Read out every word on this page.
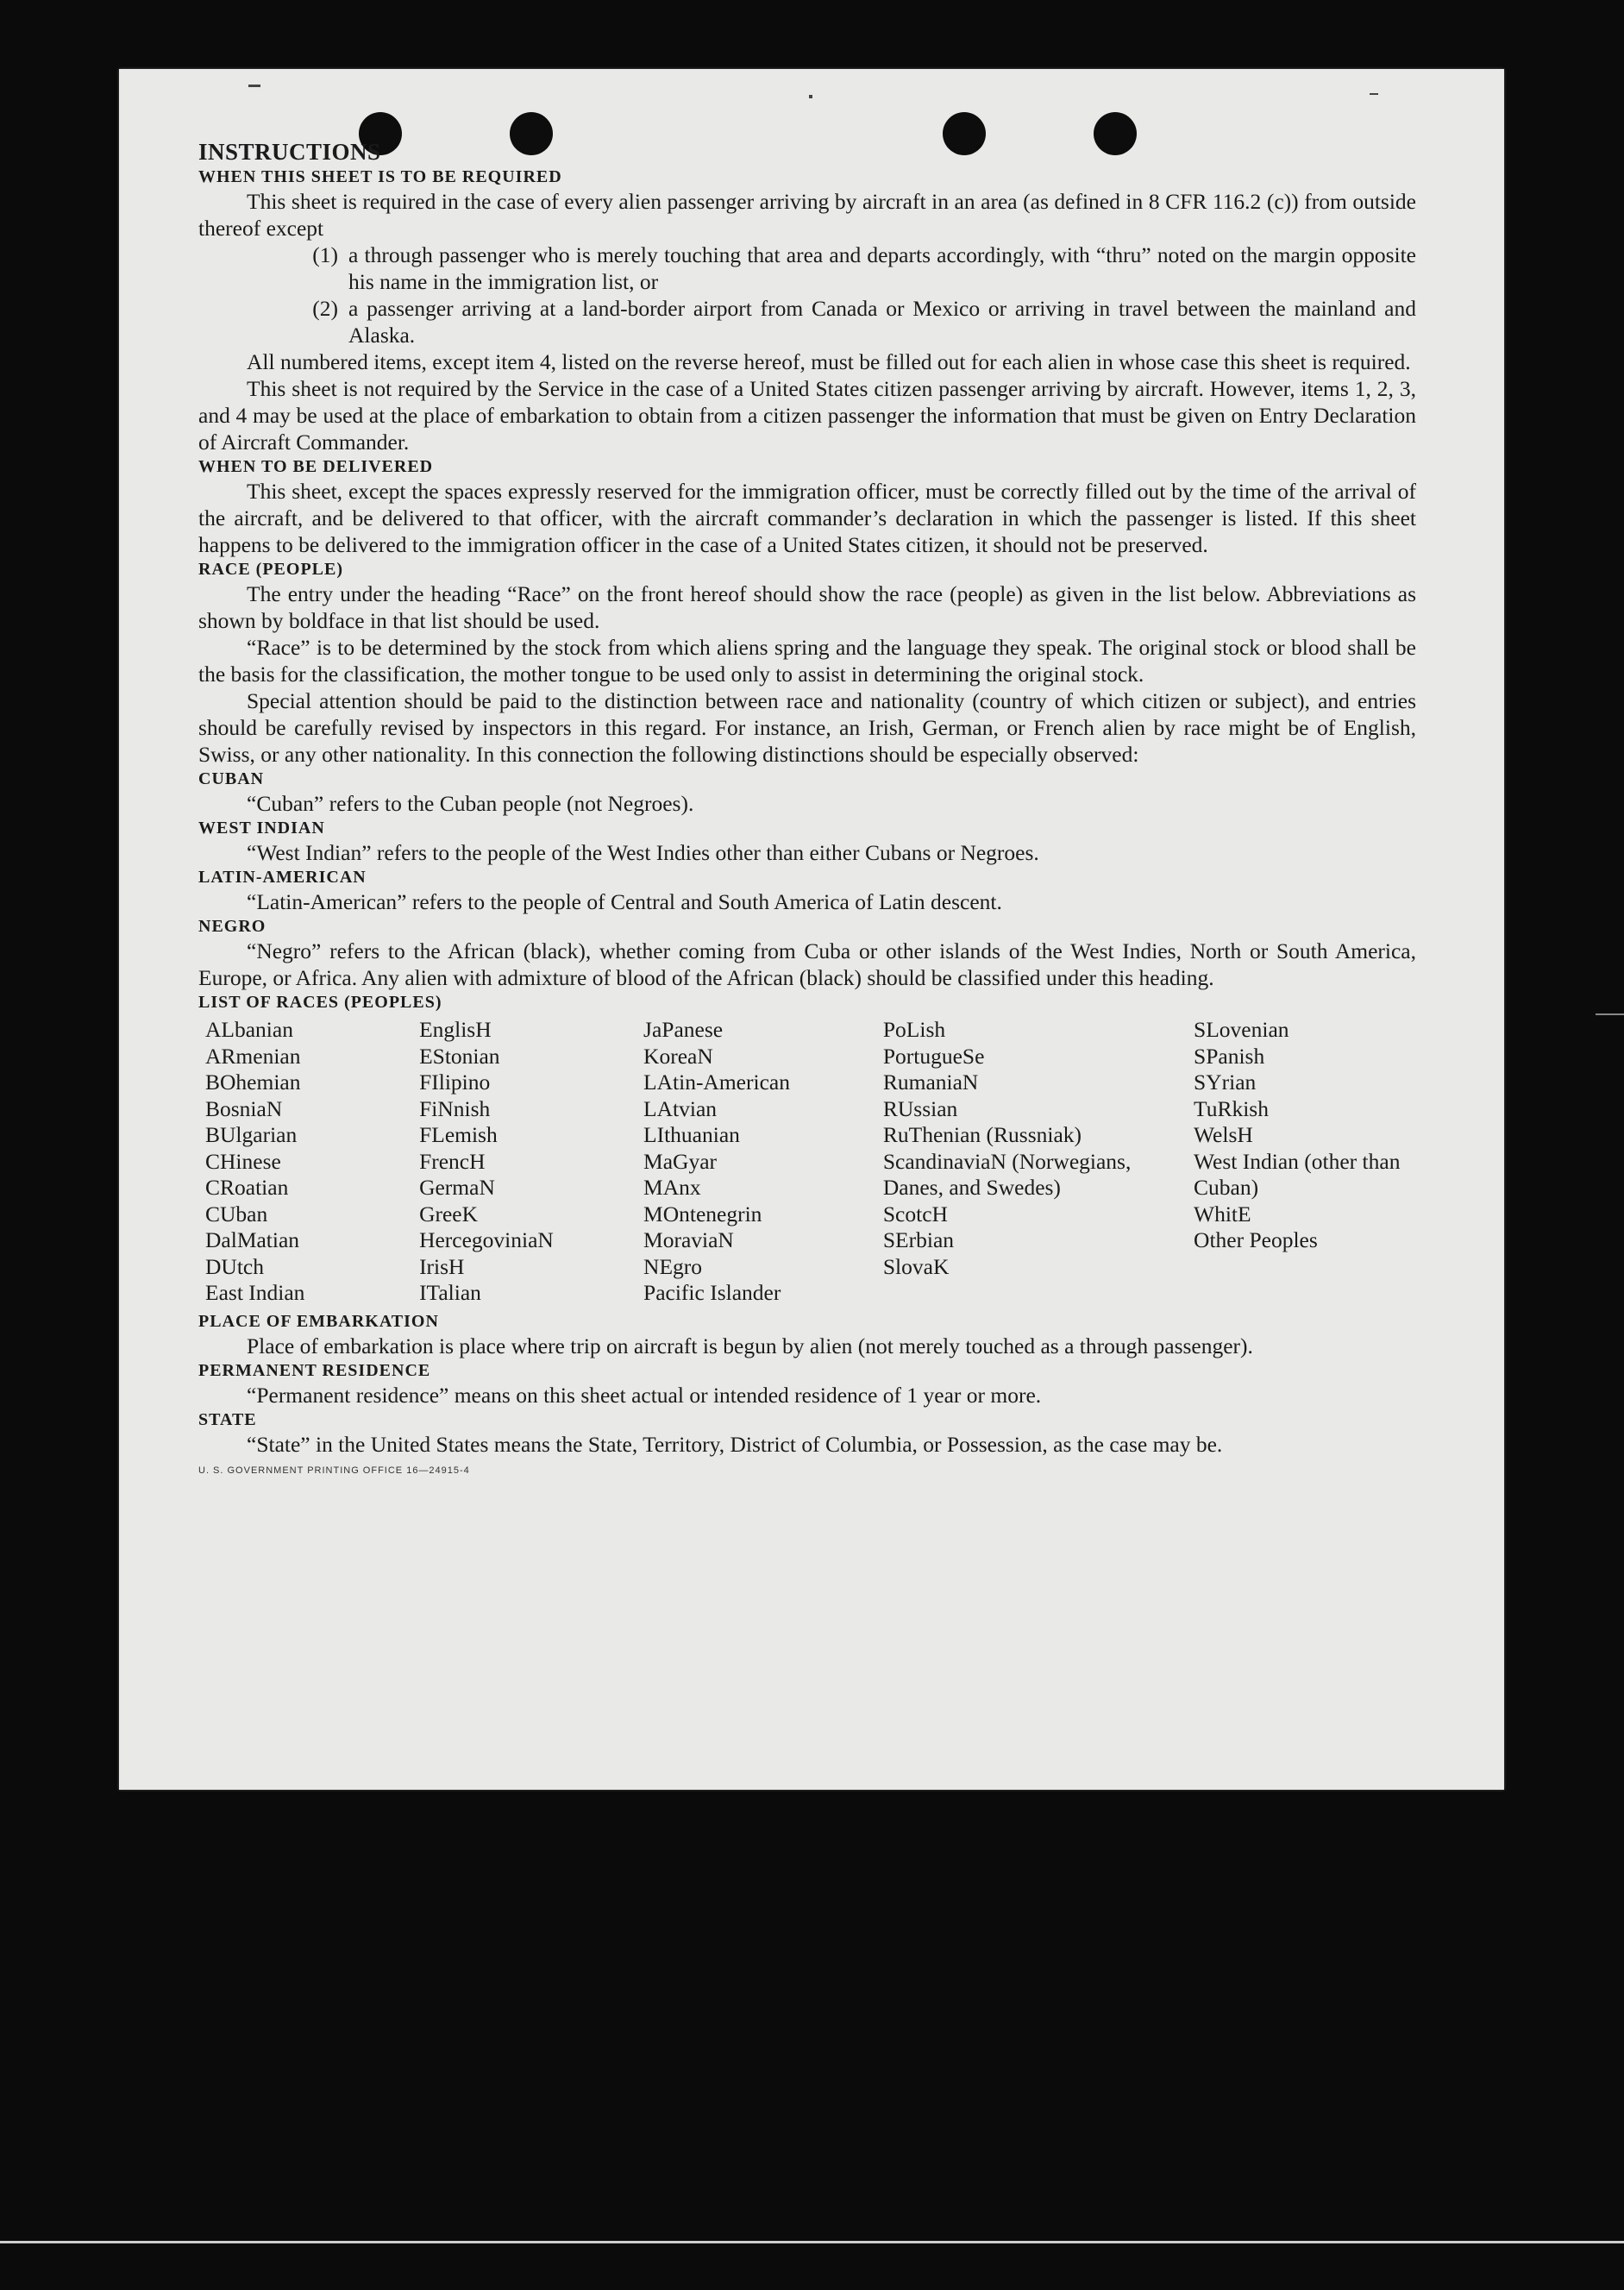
INSTRUCTIONS

WHEN THIS SHEET IS TO BE REQUIRED

This sheet is required in the case of every alien passenger arriving by aircraft in an area (as defined in 8 CFR 116.2 (c)) from outside thereof except

(1) a through passenger who is merely touching that area and departs accordingly, with “thru” noted on the margin opposite his name in the immigration list, or
(2) a passenger arriving at a land-border airport from Canada or Mexico or arriving in travel between the mainland and Alaska.

All numbered items, except item 4, listed on the reverse hereof, must be filled out for each alien in whose case this sheet is required.

This sheet is not required by the Service in the case of a United States citizen passenger arriving by aircraft. However, items 1, 2, 3, and 4 may be used at the place of embarkation to obtain from a citizen passenger the information that must be given on Entry Declaration of Aircraft Commander.

WHEN TO BE DELIVERED

This sheet, except the spaces expressly reserved for the immigration officer, must be correctly filled out by the time of the arrival of the aircraft, and be delivered to that officer, with the aircraft commander’s declaration in which the passenger is listed. If this sheet happens to be delivered to the immigration officer in the case of a United States citizen, it should not be preserved.

RACE (PEOPLE)

The entry under the heading “Race” on the front hereof should show the race (people) as given in the list below. Abbreviations as shown by boldface in that list should be used.

“Race” is to be determined by the stock from which aliens spring and the language they speak. The original stock or blood shall be the basis for the classification, the mother tongue to be used only to assist in determining the original stock.

Special attention should be paid to the distinction between race and nationality (country of which citizen or subject), and entries should be carefully revised by inspectors in this regard. For instance, an Irish, German, or French alien by race might be of English, Swiss, or any other nationality. In this connection the following distinctions should be especially observed:

CUBAN

“Cuban” refers to the Cuban people (not Negroes).

WEST INDIAN

“West Indian” refers to the people of the West Indies other than either Cubans or Negroes.

LATIN-AMERICAN

“Latin-American” refers to the people of Central and South America of Latin descent.

NEGRO

“Negro” refers to the African (black), whether coming from Cuba or other islands of the West Indies, North or South America, Europe, or Africa. Any alien with admixture of blood of the African (black) should be classified under this heading.

LIST OF RACES (PEOPLES)

ALbanian
ARmenian
BOhemian
BosniaN
BUlgarian
CHinese
CRoatian
CUban
DalMatian
DUtch
East Indian
EnglisH
EStonian
FIlipino
FiNnish
FLemish
FrencH
GermaN
GreeK
HercegoviniaN
IrisH
ITalian
JaPanese
KoreaN
LAtin-American
LAtvian
LIthuanian
MaGyar
MAnx
MOntenegrin
MoraviaN
NEgro
Pacific Islander
PoLish
PortugueSe
RumaniaN
RUssian
RuThenian (Russniak)
ScandinaviaN (Norwegians, Danes, and Swedes)
ScotcH
SErbian
SlovaK
SLovenian
SPanish
SYrian
TuRkish
WelsH
West Indian (other than Cuban)
WhitE
Other Peoples

PLACE OF EMBARKATION

Place of embarkation is place where trip on aircraft is begun by alien (not merely touched as a through passenger).

PERMANENT RESIDENCE

“Permanent residence” means on this sheet actual or intended residence of 1 year or more.

STATE

“State” in the United States means the State, Territory, District of Columbia, or Possession, as the case may be.

U. S. GOVERNMENT PRINTING OFFICE 16—24915-4
